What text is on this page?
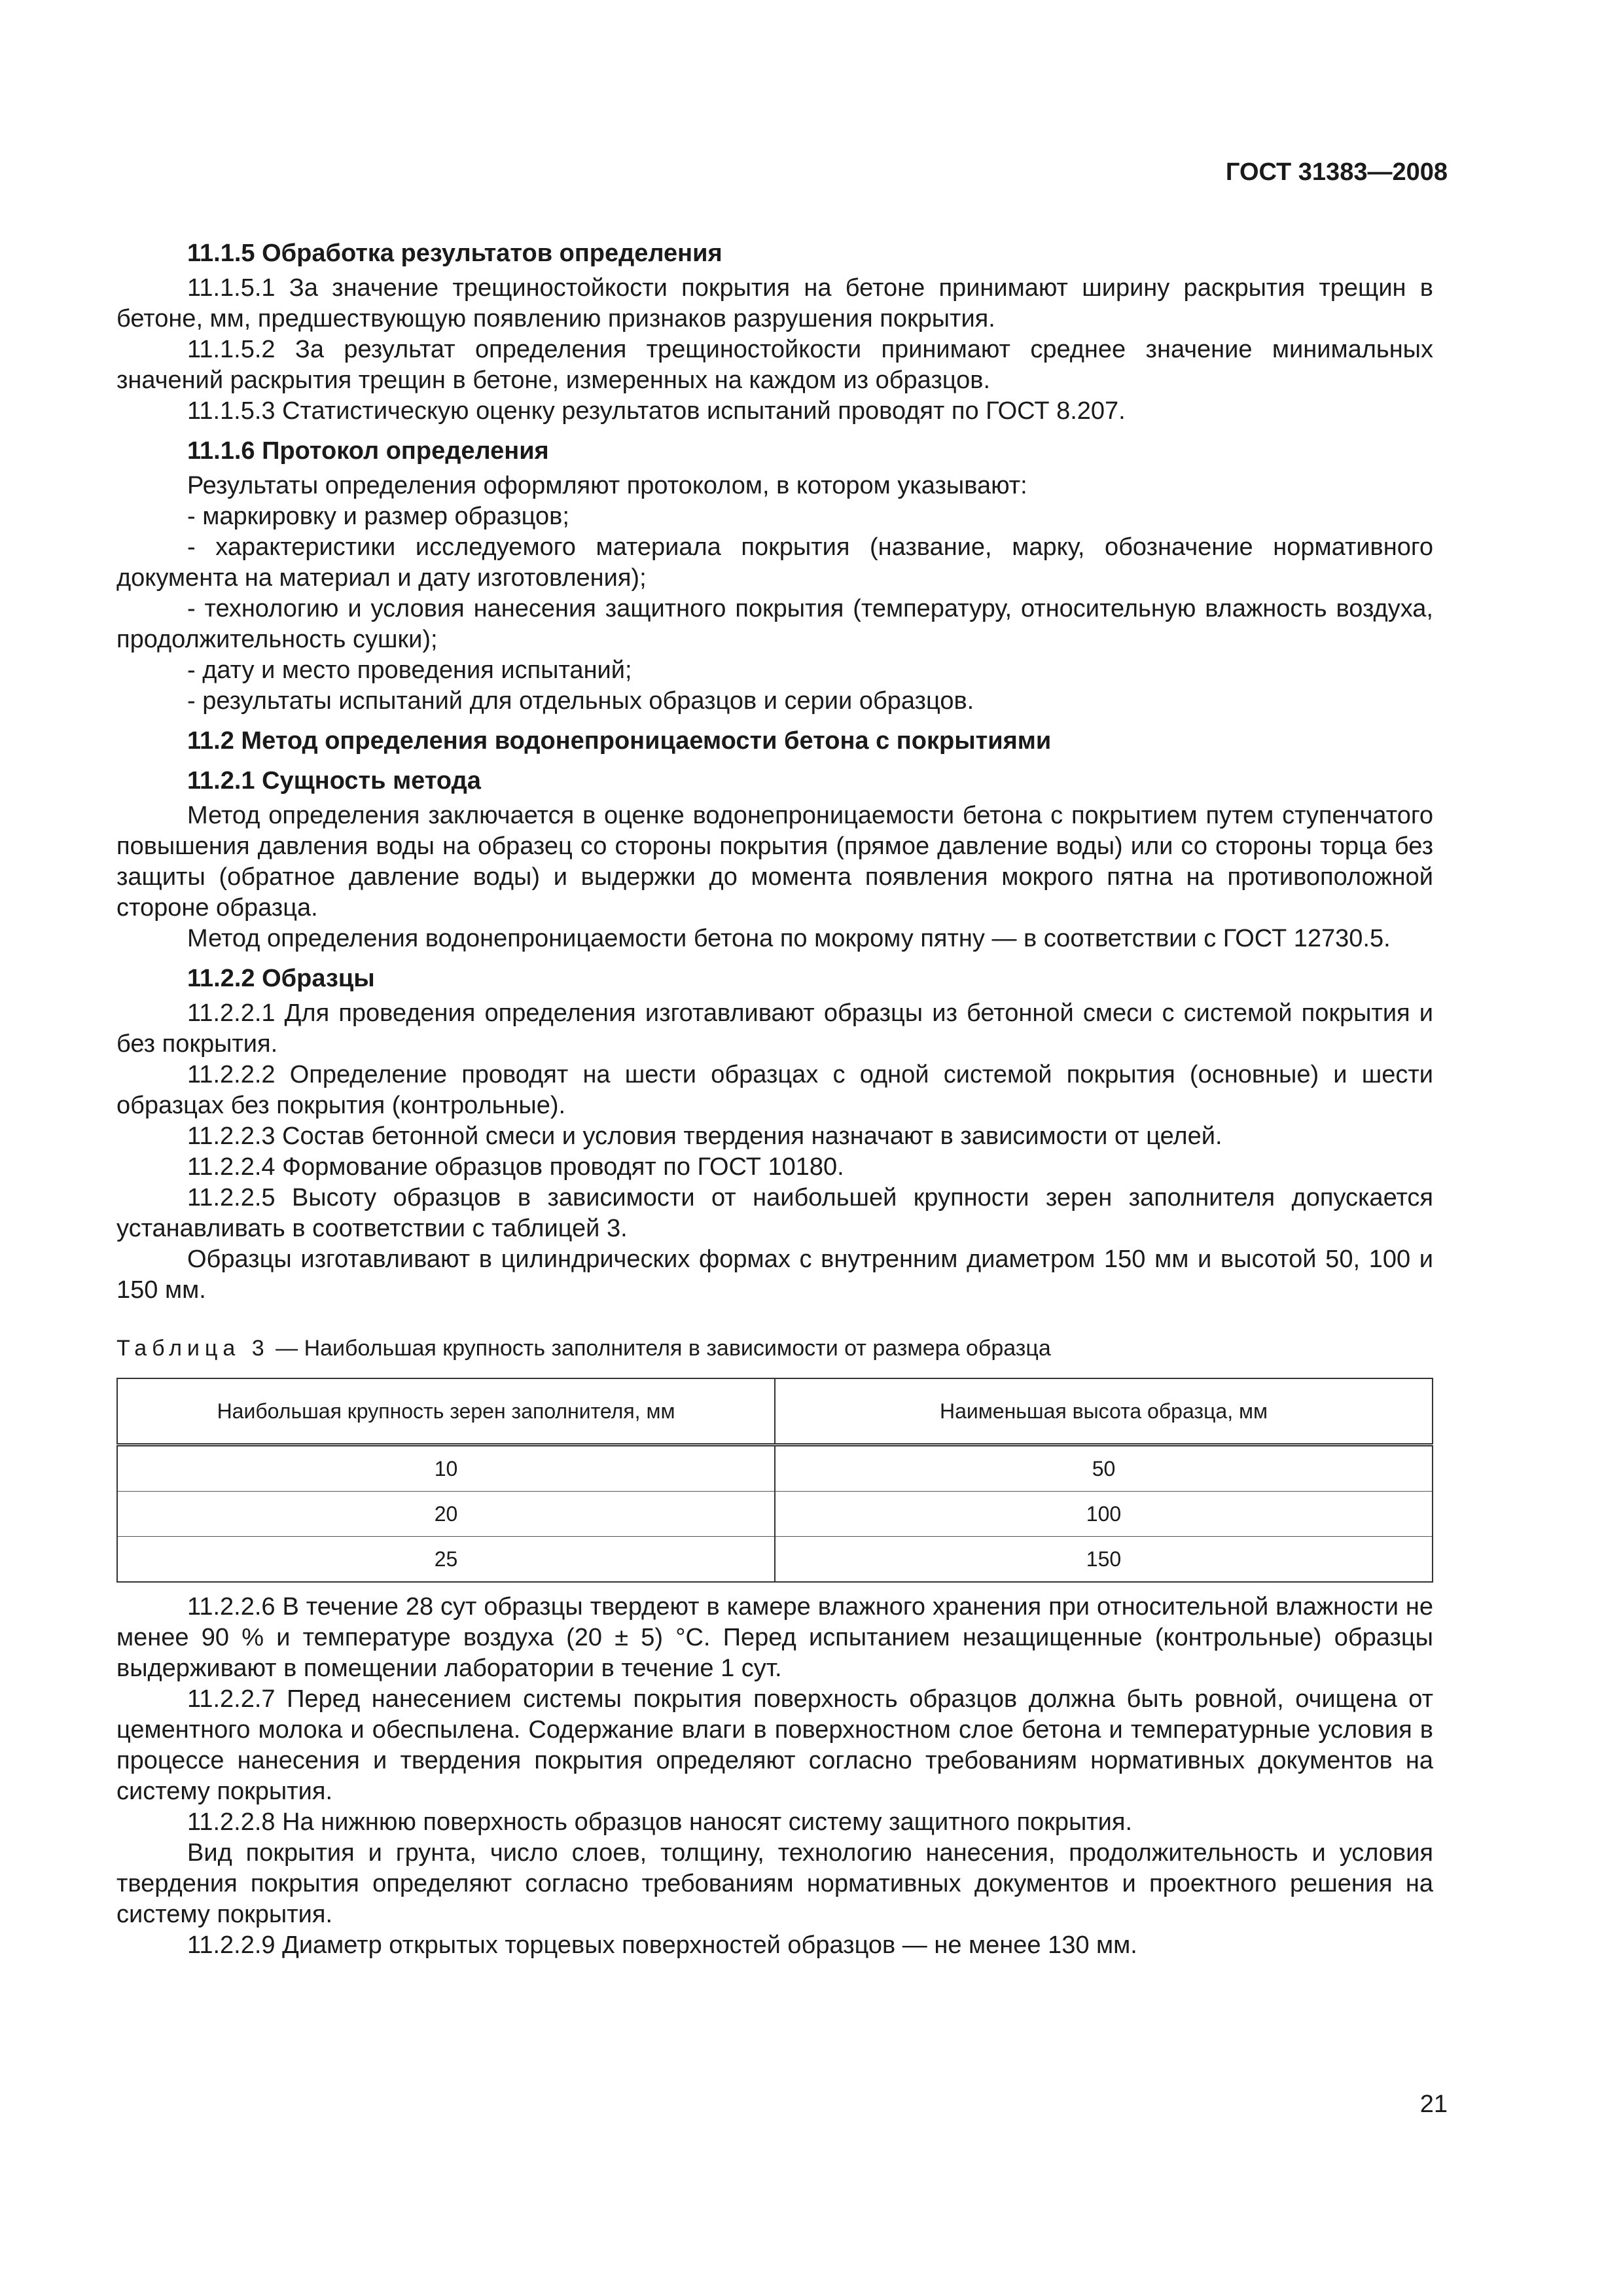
ГОСТ 31383—2008

11.1.5 Обработка результатов определения

11.1.5.1 За значение трещиностойкости покрытия на бетоне принимают ширину раскрытия трещин в бетоне, мм, предшествующую появлению признаков разрушения покрытия.

11.1.5.2 За результат определения трещиностойкости принимают среднее значение минимальных значений раскрытия трещин в бетоне, измеренных на каждом из образцов.

11.1.5.3 Статистическую оценку результатов испытаний проводят по ГОСТ 8.207.

11.1.6 Протокол определения

Результаты определения оформляют протоколом, в котором указывают:

- маркировку и размер образцов;

- характеристики исследуемого материала покрытия (название, марку, обозначение нормативного документа на материал и дату изготовления);

- технологию и условия нанесения защитного покрытия (температуру, относительную влажность воздуха, продолжительность сушки);

- дату и место проведения испытаний;

- результаты испытаний для отдельных образцов и серии образцов.

11.2 Метод определения водонепроницаемости бетона с покрытиями

11.2.1 Сущность метода

Метод определения заключается в оценке водонепроницаемости бетона с покрытием путем ступенчатого повышения давления воды на образец со стороны покрытия (прямое давление воды) или со стороны торца без защиты (обратное давление воды) и выдержки до момента появления мокрого пятна на противоположной стороне образца.

Метод определения водонепроницаемости бетона по мокрому пятну — в соответствии с ГОСТ 12730.5.

11.2.2 Образцы

11.2.2.1 Для проведения определения изготавливают образцы из бетонной смеси с системой покрытия и без покрытия.

11.2.2.2 Определение проводят на шести образцах с одной системой покрытия (основные) и шести образцах без покрытия (контрольные).

11.2.2.3 Состав бетонной смеси и условия твердения назначают в зависимости от целей.

11.2.2.4 Формование образцов проводят по ГОСТ 10180.

11.2.2.5 Высоту образцов в зависимости от наибольшей крупности зерен заполнителя допускается устанавливать в соответствии с таблицей 3.

Образцы изготавливают в цилиндрических формах с внутренним диаметром 150 мм и высотой 50, 100 и 150 мм.

Таблица 3 — Наибольшая крупность заполнителя в зависимости от размера образца

Наибольшая крупность зерен заполнителя, мм	Наименьшая высота образца, мм
10	50
20	100
25	150

11.2.2.6 В течение 28 сут образцы твердеют в камере влажного хранения при относительной влажности не менее 90 % и температуре воздуха (20 ± 5) °С. Перед испытанием незащищенные (контрольные) образцы выдерживают в помещении лаборатории в течение 1 сут.

11.2.2.7 Перед нанесением системы покрытия поверхность образцов должна быть ровной, очищена от цементного молока и обеспылена. Содержание влаги в поверхностном слое бетона и температурные условия в процессе нанесения и твердения покрытия определяют согласно требованиям нормативных документов на систему покрытия.

11.2.2.8 На нижнюю поверхность образцов наносят систему защитного покрытия.

Вид покрытия и грунта, число слоев, толщину, технологию нанесения, продолжительность и условия твердения покрытия определяют согласно требованиям нормативных документов и проектного решения на систему покрытия.

11.2.2.9 Диаметр открытых торцевых поверхностей образцов — не менее 130 мм.

21
